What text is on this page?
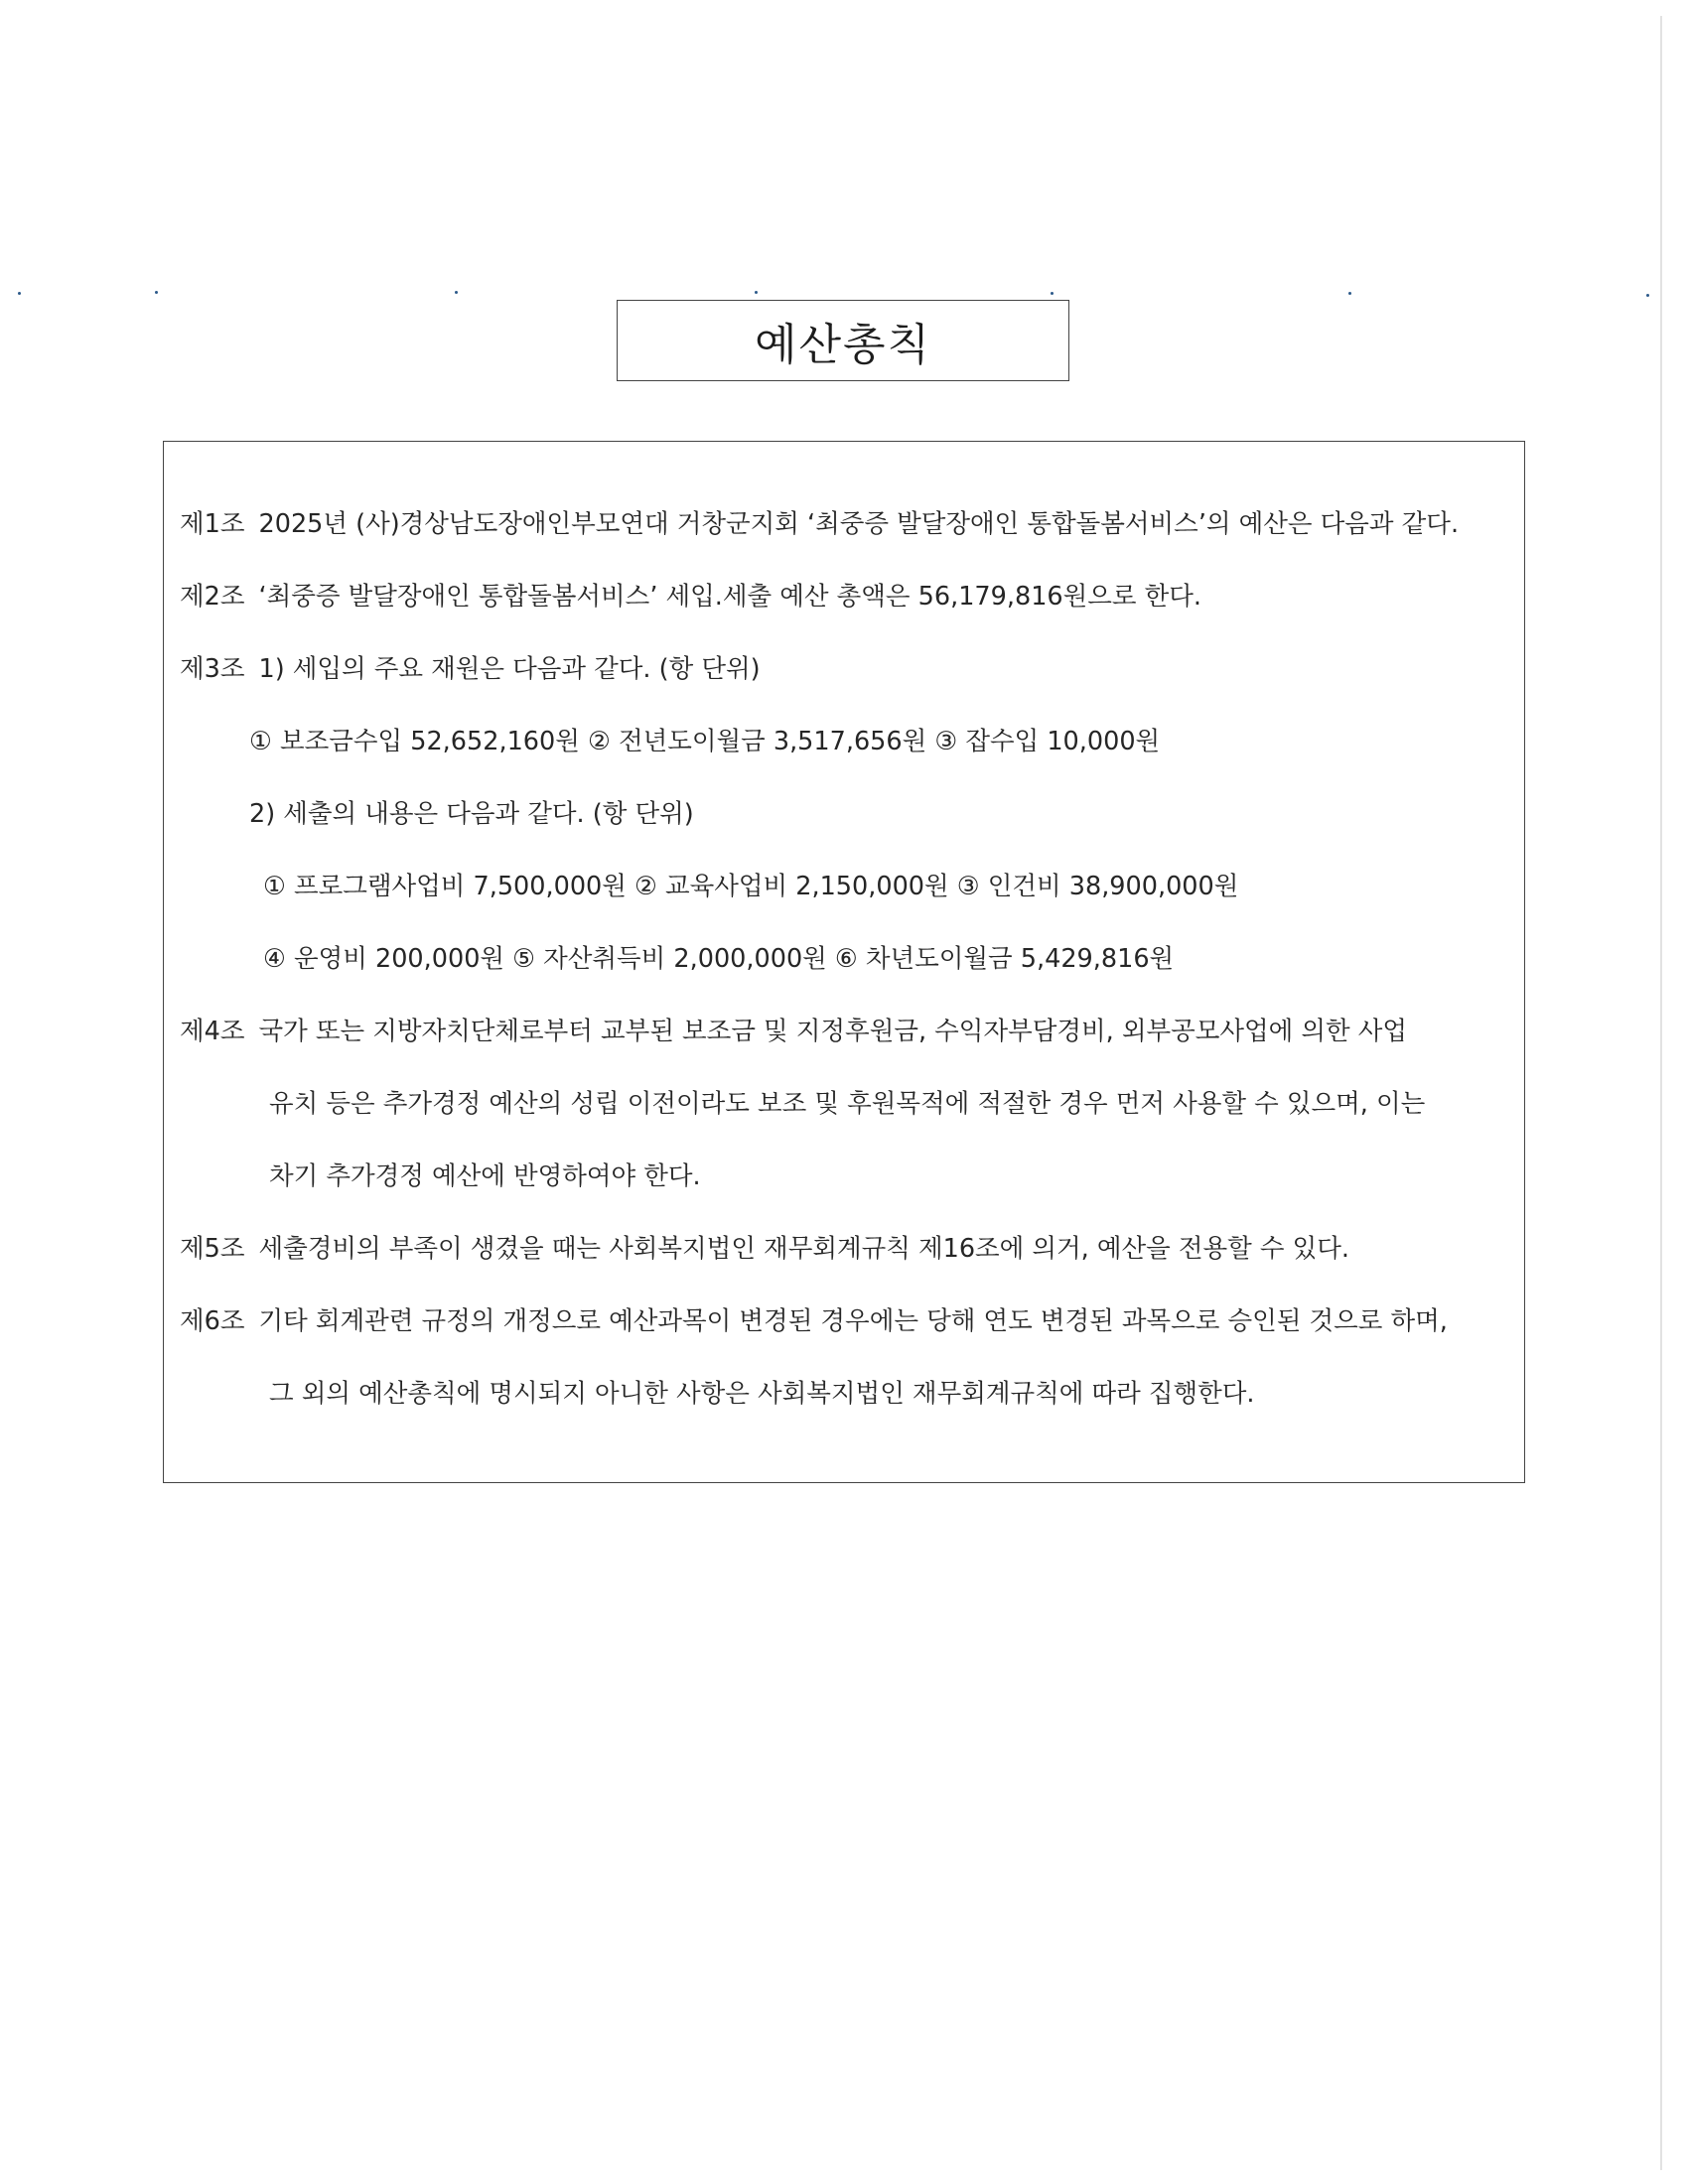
예산총칙
제1조 2025년 (사)경상남도장애인부모연대 거창군지회 ‘최중증 발달장애인 통합돌봄서비스’의 예산은 다음과 같다.
제2조 ‘최중증 발달장애인 통합돌봄서비스’ 세입.세출 예산 총액은 56,179,816원으로 한다.
제3조 1) 세입의 주요 재원은 다음과 같다. (항 단위)
① 보조금수입 52,652,160원 ② 전년도이월금 3,517,656원 ③ 잡수입 10,000원
2) 세출의 내용은 다음과 같다. (항 단위)
① 프로그램사업비 7,500,000원 ② 교육사업비 2,150,000원 ③ 인건비 38,900,000원
④ 운영비 200,000원 ⑤ 자산취득비 2,000,000원 ⑥ 차년도이월금 5,429,816원
제4조 국가 또는 지방자치단체로부터 교부된 보조금 및 지정후원금, 수익자부담경비, 외부공모사업에 의한 사업
유치 등은 추가경정 예산의 성립 이전이라도 보조 및 후원목적에 적절한 경우 먼저 사용할 수 있으며, 이는
차기 추가경정 예산에 반영하여야 한다.
제5조 세출경비의 부족이 생겼을 때는 사회복지법인 재무회계규칙 제16조에 의거, 예산을 전용할 수 있다.
제6조 기타 회계관련 규정의 개정으로 예산과목이 변경된 경우에는 당해 연도 변경된 과목으로 승인된 것으로 하며,
그 외의 예산총칙에 명시되지 아니한 사항은 사회복지법인 재무회계규칙에 따라 집행한다.
